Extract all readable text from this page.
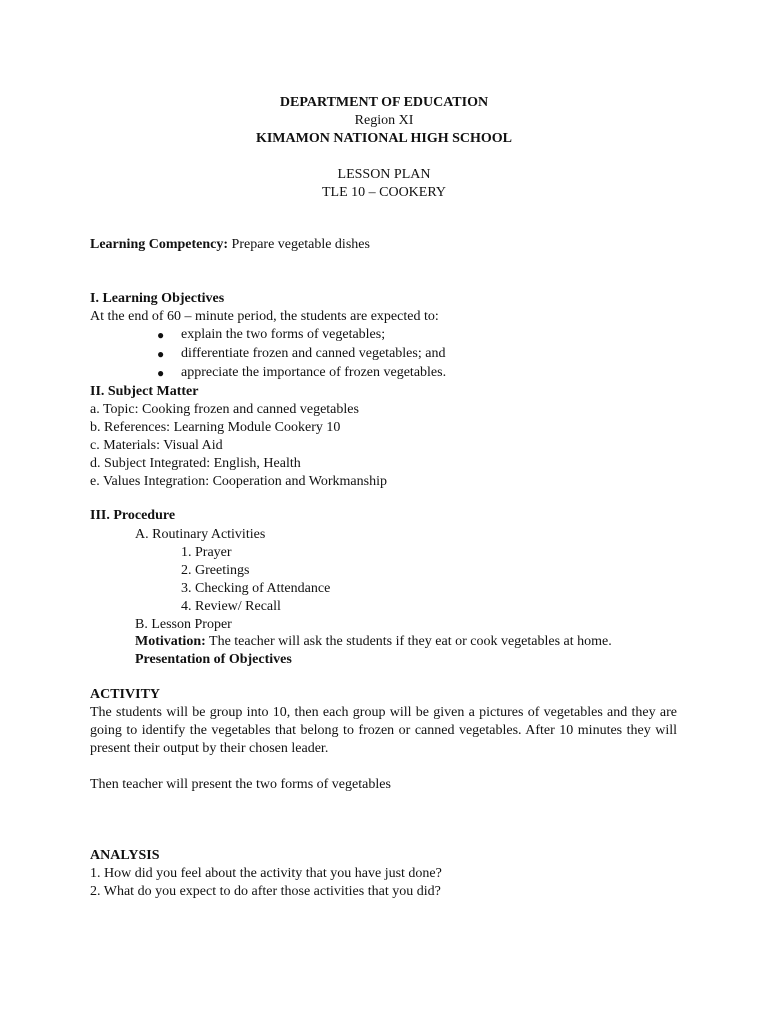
DEPARTMENT OF EDUCATION
Region XI
KIMAMON NATIONAL HIGH SCHOOL
LESSON PLAN
TLE 10 – COOKERY
Learning Competency: Prepare vegetable dishes
I. Learning Objectives
At the end of 60 – minute period, the students are expected to:
● explain the two forms of vegetables;
● differentiate frozen and canned vegetables; and
● appreciate the importance of frozen vegetables.
II. Subject Matter
a. Topic: Cooking frozen and canned vegetables
b. References: Learning Module Cookery 10
c. Materials: Visual Aid
d. Subject Integrated: English, Health
e. Values Integration: Cooperation and Workmanship
III. Procedure
A. Routinary Activities
1. Prayer
2. Greetings
3. Checking of Attendance
4. Review/ Recall
B. Lesson Proper
Motivation: The teacher will ask the students if they eat or cook vegetables at home.
Presentation of Objectives
ACTIVITY
The students will be group into 10, then each group will be given a pictures of vegetables and they are going to identify the vegetables that belong to frozen or canned vegetables. After 10 minutes they will present their output by their chosen leader.
Then teacher will present the two forms of vegetables
ANALYSIS
1. How did you feel about the activity that you have just done?
2. What do you expect to do after those activities that you did?
